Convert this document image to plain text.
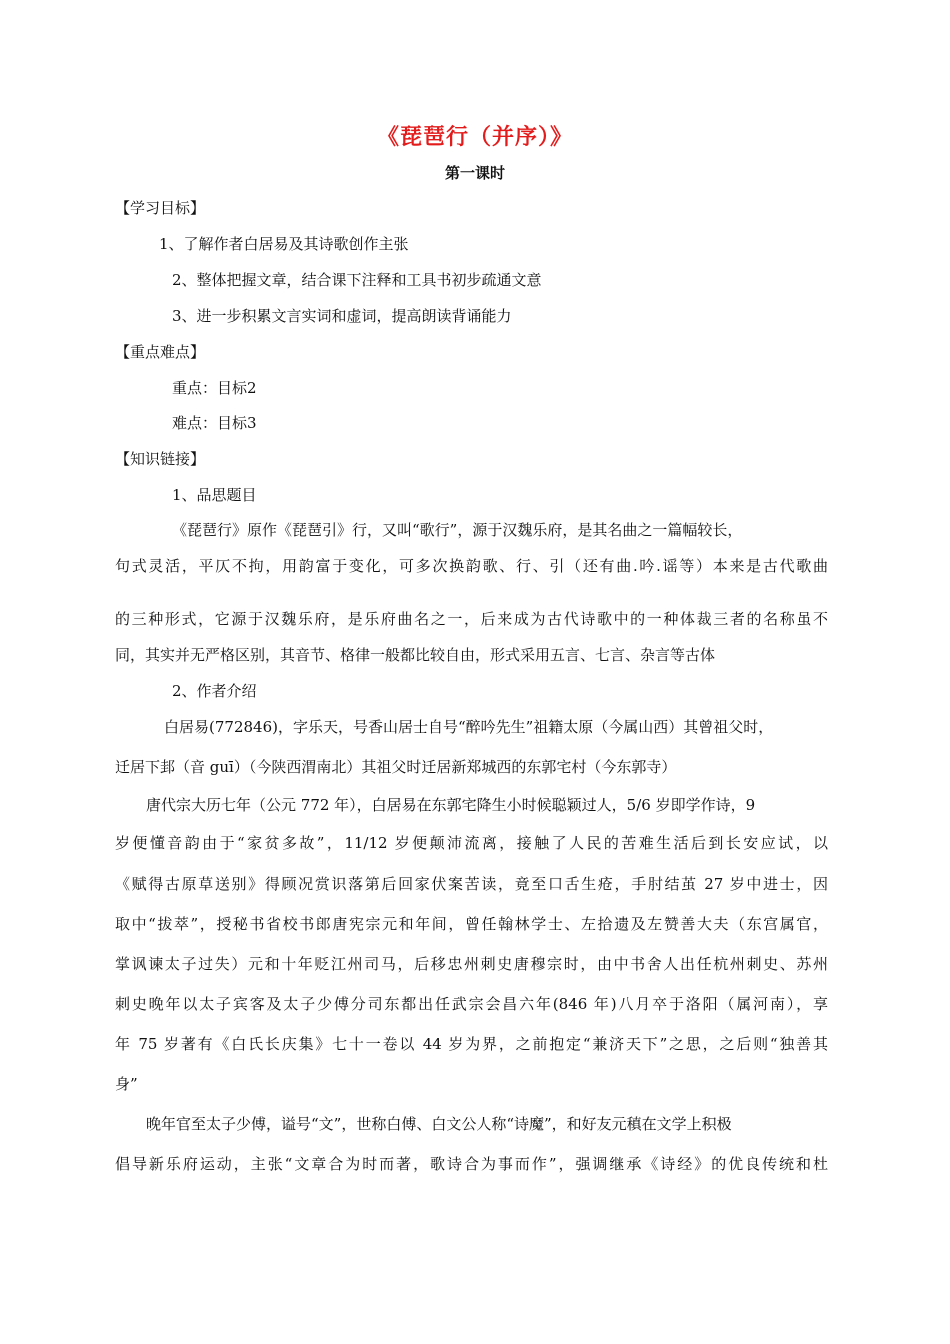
《琵琶行（并序）》
第一课时
【学习目标】
1、了解作者白居易及其诗歌创作主张
2、整体把握文章，结合课下注释和工具书初步疏通文意
3、进一步积累文言实词和虚词，提高朗读背诵能力
【重点难点】
重点：目标2
难点：目标3
【知识链接】
1、品思题目
《琵琶行》原作《琵琶引》行，又叫“歌行”，源于汉魏乐府，是其名曲之一篇幅较长，
句式灵活，平仄不拘，用韵富于变化，可多次换韵歌、行、引（还有曲.吟.谣等）本来是古代歌曲
的三种形式，它源于汉魏乐府，是乐府曲名之一，后来成为古代诗歌中的一种体裁三者的名称虽不
同，其实并无严格区别，其音节、格律一般都比较自由，形式采用五言、七言、杂言等古体
2、作者介绍
白居易(772846)，字乐天，号香山居士自号“醉吟先生”祖籍太原（今属山西）其曾祖父时，
迁居下邽（音 guī）（今陕西渭南北）其祖父时迁居新郑城西的东郭宅村（今东郭寺）
唐代宗大历七年（公元 772 年），白居易在东郭宅降生小时候聪颖过人，5/6 岁即学作诗，9
岁便懂音韵由于“家贫多故”，11/12 岁便颠沛流离，接触了人民的苦难生活后到长安应试，以
《赋得古原草送别》得顾况赏识落第后回家伏案苦读，竟至口舌生疮，手肘结茧 27 岁中进士，因
取中“拔萃”，授秘书省校书郎唐宪宗元和年间，曾任翰林学士、左拾遗及左赞善大夫（东宫属官，
掌讽谏太子过失）元和十年贬江州司马，后移忠州刺史唐穆宗时，由中书舍人出任杭州刺史、苏州
刺史晚年以太子宾客及太子少傅分司东都出任武宗会昌六年(846 年)八月卒于洛阳（属河南），享
年 75 岁著有《白氏长庆集》七十一卷以 44 岁为界，之前抱定“兼济天下”之思，之后则“独善其
身”
晚年官至太子少傅，谥号“文”，世称白傅、白文公人称“诗魔”，和好友元稹在文学上积极
倡导新乐府运动，主张“文章合为时而著，歌诗合为事而作”，强调继承《诗经》的优良传统和杜
